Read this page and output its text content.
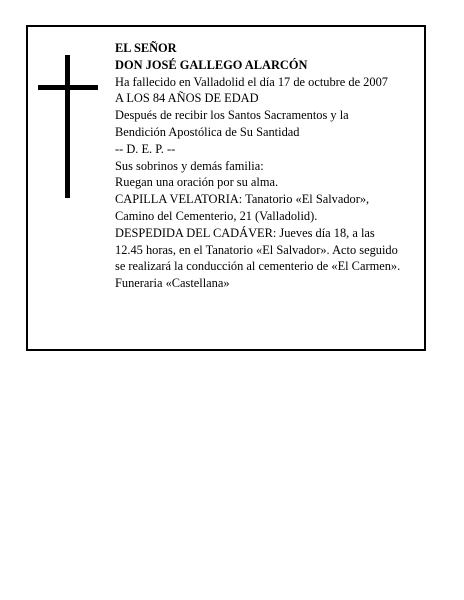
EL SEÑOR
DON JOSÉ GALLEGO ALARCÓN
Ha fallecido en Valladolid el día 17 de octubre de 2007
A LOS 84 AÑOS DE EDAD
Después de recibir los Santos Sacramentos y la
Bendición Apostólica de Su Santidad
-- D. E. P. --
Sus sobrinos y demás familia:
Ruegan una oración por su alma.
CAPILLA VELATORIA: Tanatorio «El Salvador»,
Camino del Cementerio, 21 (Valladolid).
DESPEDIDA DEL CADÁVER: Jueves día 18, a las
12.45 horas, en el Tanatorio «El Salvador». Acto seguido
se realizará la conducción al cementerio de «El Carmen».
Funeraria «Castellana»
